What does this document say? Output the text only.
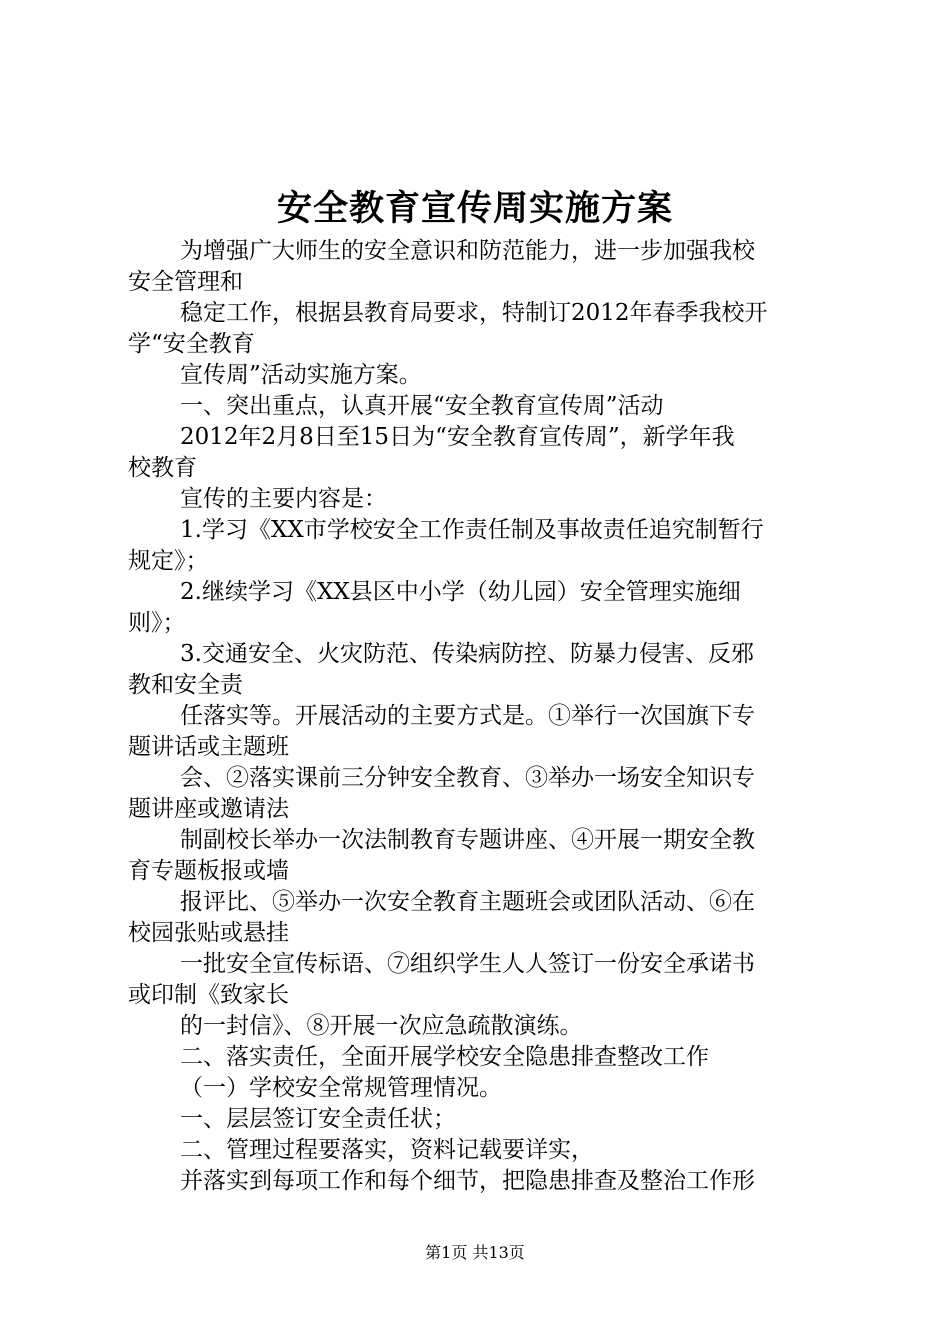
安全教育宣传周实施方案
为增强广大师生的安全意识和防范能力，进一步加强我校
安全管理和
稳定工作，根据县教育局要求，特制订2012年春季我校开
学“安全教育
宣传周”活动实施方案。
一、突出重点，认真开展“安全教育宣传周”活动
2012年2月8日至15日为“安全教育宣传周”，新学年我
校教育
宣传的主要内容是：
1.学习《XX市学校安全工作责任制及事故责任追究制暂行
规定》；
2.继续学习《XX县区中小学（幼儿园）安全管理实施细
则》；
3.交通安全、火灾防范、传染病防控、防暴力侵害、反邪
教和安全责
任落实等。开展活动的主要方式是。①举行一次国旗下专
题讲话或主题班
会、②落实课前三分钟安全教育、③举办一场安全知识专
题讲座或邀请法
制副校长举办一次法制教育专题讲座、④开展一期安全教
育专题板报或墙
报评比、⑤举办一次安全教育主题班会或团队活动、⑥在
校园张贴或悬挂
一批安全宣传标语、⑦组织学生人人签订一份安全承诺书
或印制《致家长
的一封信》、⑧开展一次应急疏散演练。
二、落实责任，全面开展学校安全隐患排查整改工作
（一）学校安全常规管理情况。
一、层层签订安全责任状；
二、管理过程要落实，资料记载要详实，
并落实到每项工作和每个细节，把隐患排查及整治工作形
第1页 共13页
